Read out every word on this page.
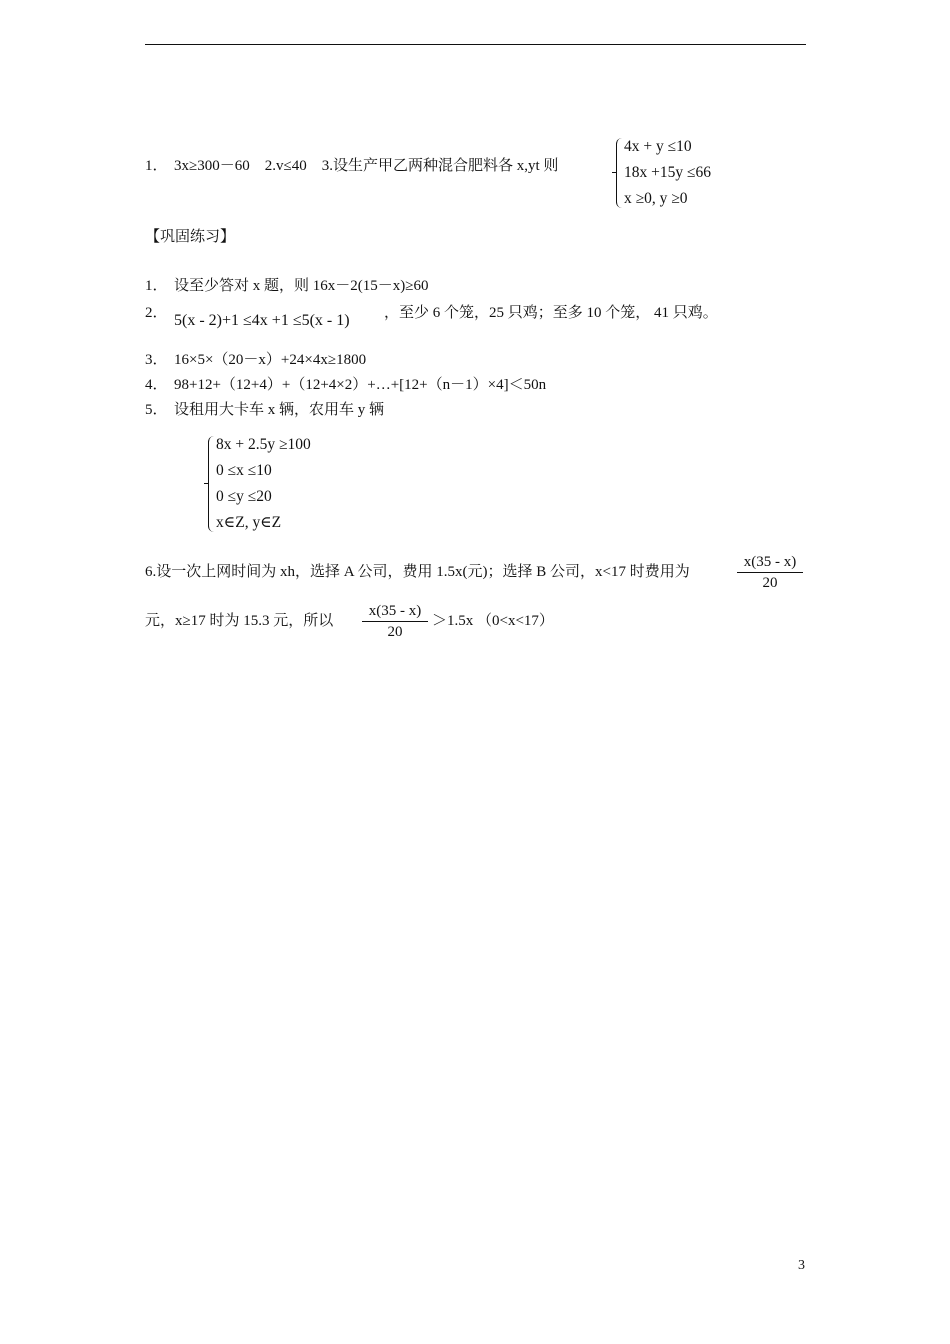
1． 3x≥300－60　2.v≤40　3.设生产甲乙两种混合肥料各 x,yt 则
4x + y ≤10
18x +15y ≤66
x ≥0, y ≥0
【巩固练习】
1． 设至少答对 x 题，则 16x－2(15－x)≥60
2． 5(x - 2)+1 ≤4x +1 ≤5(x - 1) ，至少 6 个笼，25 只鸡；至多 10 个笼， 41 只鸡。
3． 16×5×（20－x）+24×4x≥1800
4． 98+12+（12+4）+（12+4×2）+…+[12+（n－1）×4]＜50n
5． 设租用大卡车 x 辆，农用车 y 辆
8x + 2.5y ≥100
0 ≤x ≤10
0 ≤y ≤20
x∈Z, y∈Z
6.设一次上网时间为 xh，选择 A 公司，费用 1.5x(元)；选择 B 公司，x<17 时费用为
x(35 - x)
20
元，x≥17 时为 15.3 元，所以
x(35 - x)
20
＞1.5x （0<x<17）
3
